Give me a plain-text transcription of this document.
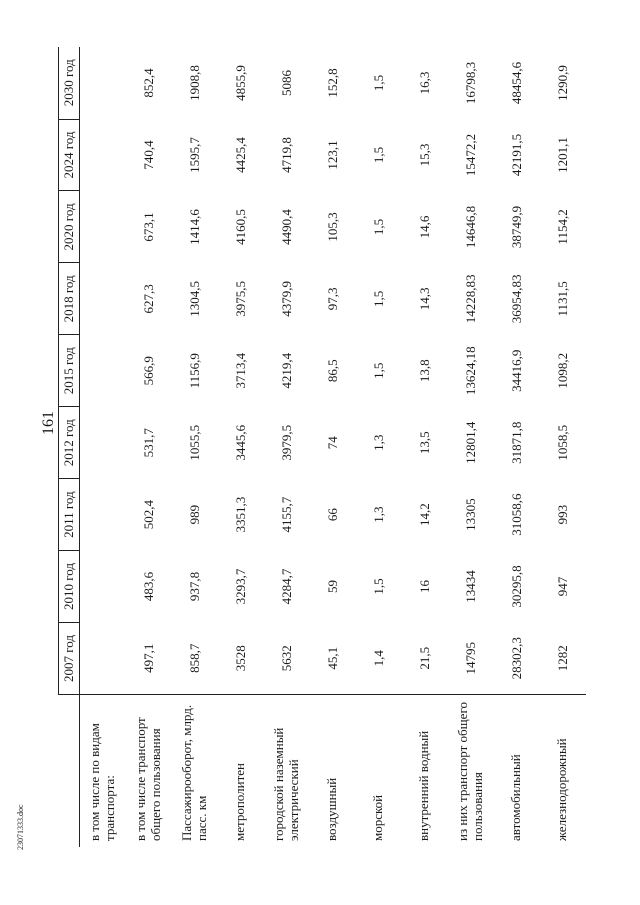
161
23071333.doc
	2007 год	2010 год	2011 год	2012 год	2015 год	2018 год	2020 год	2024 год	2030 год
в том числе по видам транспорта:									
в том числе транспорт общего пользования	497,1	483,6	502,4	531,7	566,9	627,3	673,1	740,4	852,4
Пассажирооборот, млрд. пасс. км	858,7	937,8	989	1055,5	1156,9	1304,5	1414,6	1595,7	1908,8
метрополитен	3528	3293,7	3351,3	3445,6	3713,4	3975,5	4160,5	4425,4	4855,9
городской наземный электрический	5632	4284,7	4155,7	3979,5	4219,4	4379,9	4490,4	4719,8	5086
воздушный	45,1	59	66	74	86,5	97,3	105,3	123,1	152,8
морской	1,4	1,5	1,3	1,3	1,5	1,5	1,5	1,5	1,5
внутренний водный	21,5	16	14,2	13,5	13,8	14,3	14,6	15,3	16,3
из них транспорт общего пользования	14795	13434	13305	12801,4	13624,18	14228,83	14646,8	15472,2	16798,3
автомобильный	28302,3	30295,8	31058,6	31871,8	34416,9	36954,83	38749,9	42191,5	48454,6
железнодорожный	1282	947	993	1058,5	1098,2	1131,5	1154,2	1201,1	1290,9
